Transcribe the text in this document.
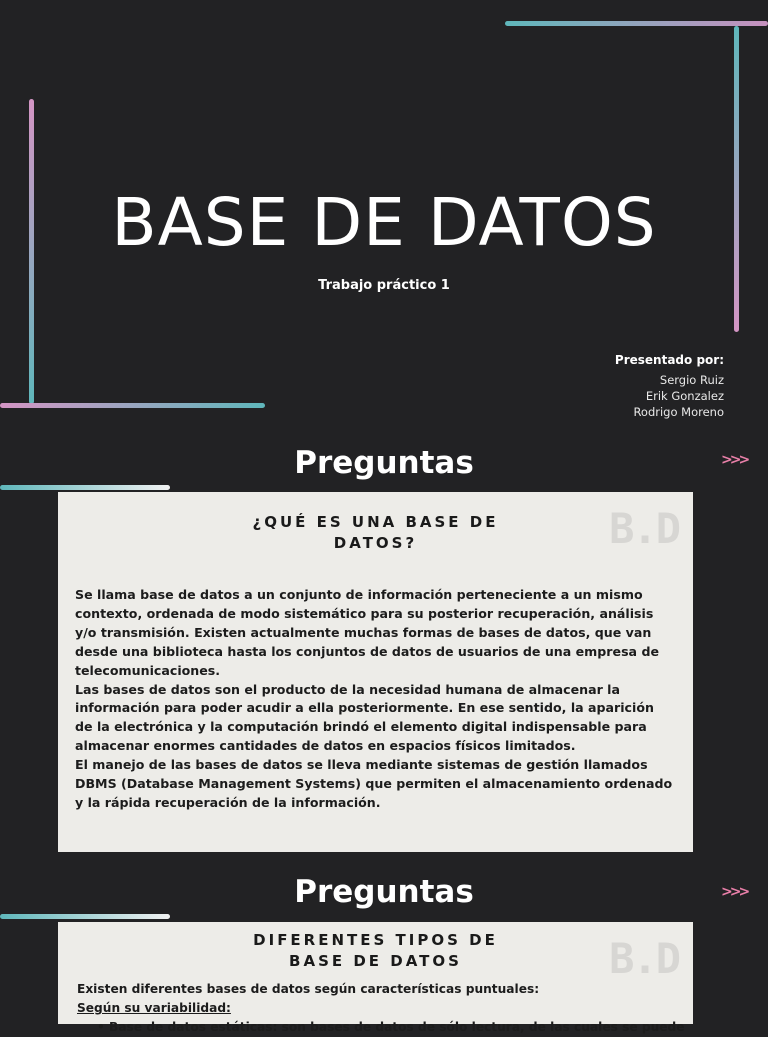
BASE DE DATOS
Trabajo práctico 1
Presentado por:
Sergio Ruiz
Erik Gonzalez
Rodrigo Moreno
Preguntas	>>>
B.D
¿QUÉ ES UNA BASE DE
DATOS?
Se llama base de datos a un conjunto de información perteneciente a un mismo
contexto, ordenada de modo sistemático para su posterior recuperación, análisis
y/o transmisión. Existen actualmente muchas formas de bases de datos, que van
desde una biblioteca hasta los conjuntos de datos de usuarios de una empresa de
telecomunicaciones.
Las bases de datos son el producto de la necesidad humana de almacenar la
información para poder acudir a ella posteriormente. En ese sentido, la aparición
de la electrónica y la computación brindó el elemento digital indispensable para
almacenar enormes cantidades de datos en espacios físicos limitados.
El manejo de las bases de datos se lleva mediante sistemas de gestión llamados
DBMS (Database Management Systems) que permiten el almacenamiento ordenado
y la rápida recuperación de la información.
Preguntas	>>>
B.D
DIFERENTES TIPOS DE
BASE DE DATOS
Existen diferentes bases de datos según características puntuales:
Según su variabilidad:
• Base de datos estáticas: son bases de datos de sólo lectura, de las cuales se puede
